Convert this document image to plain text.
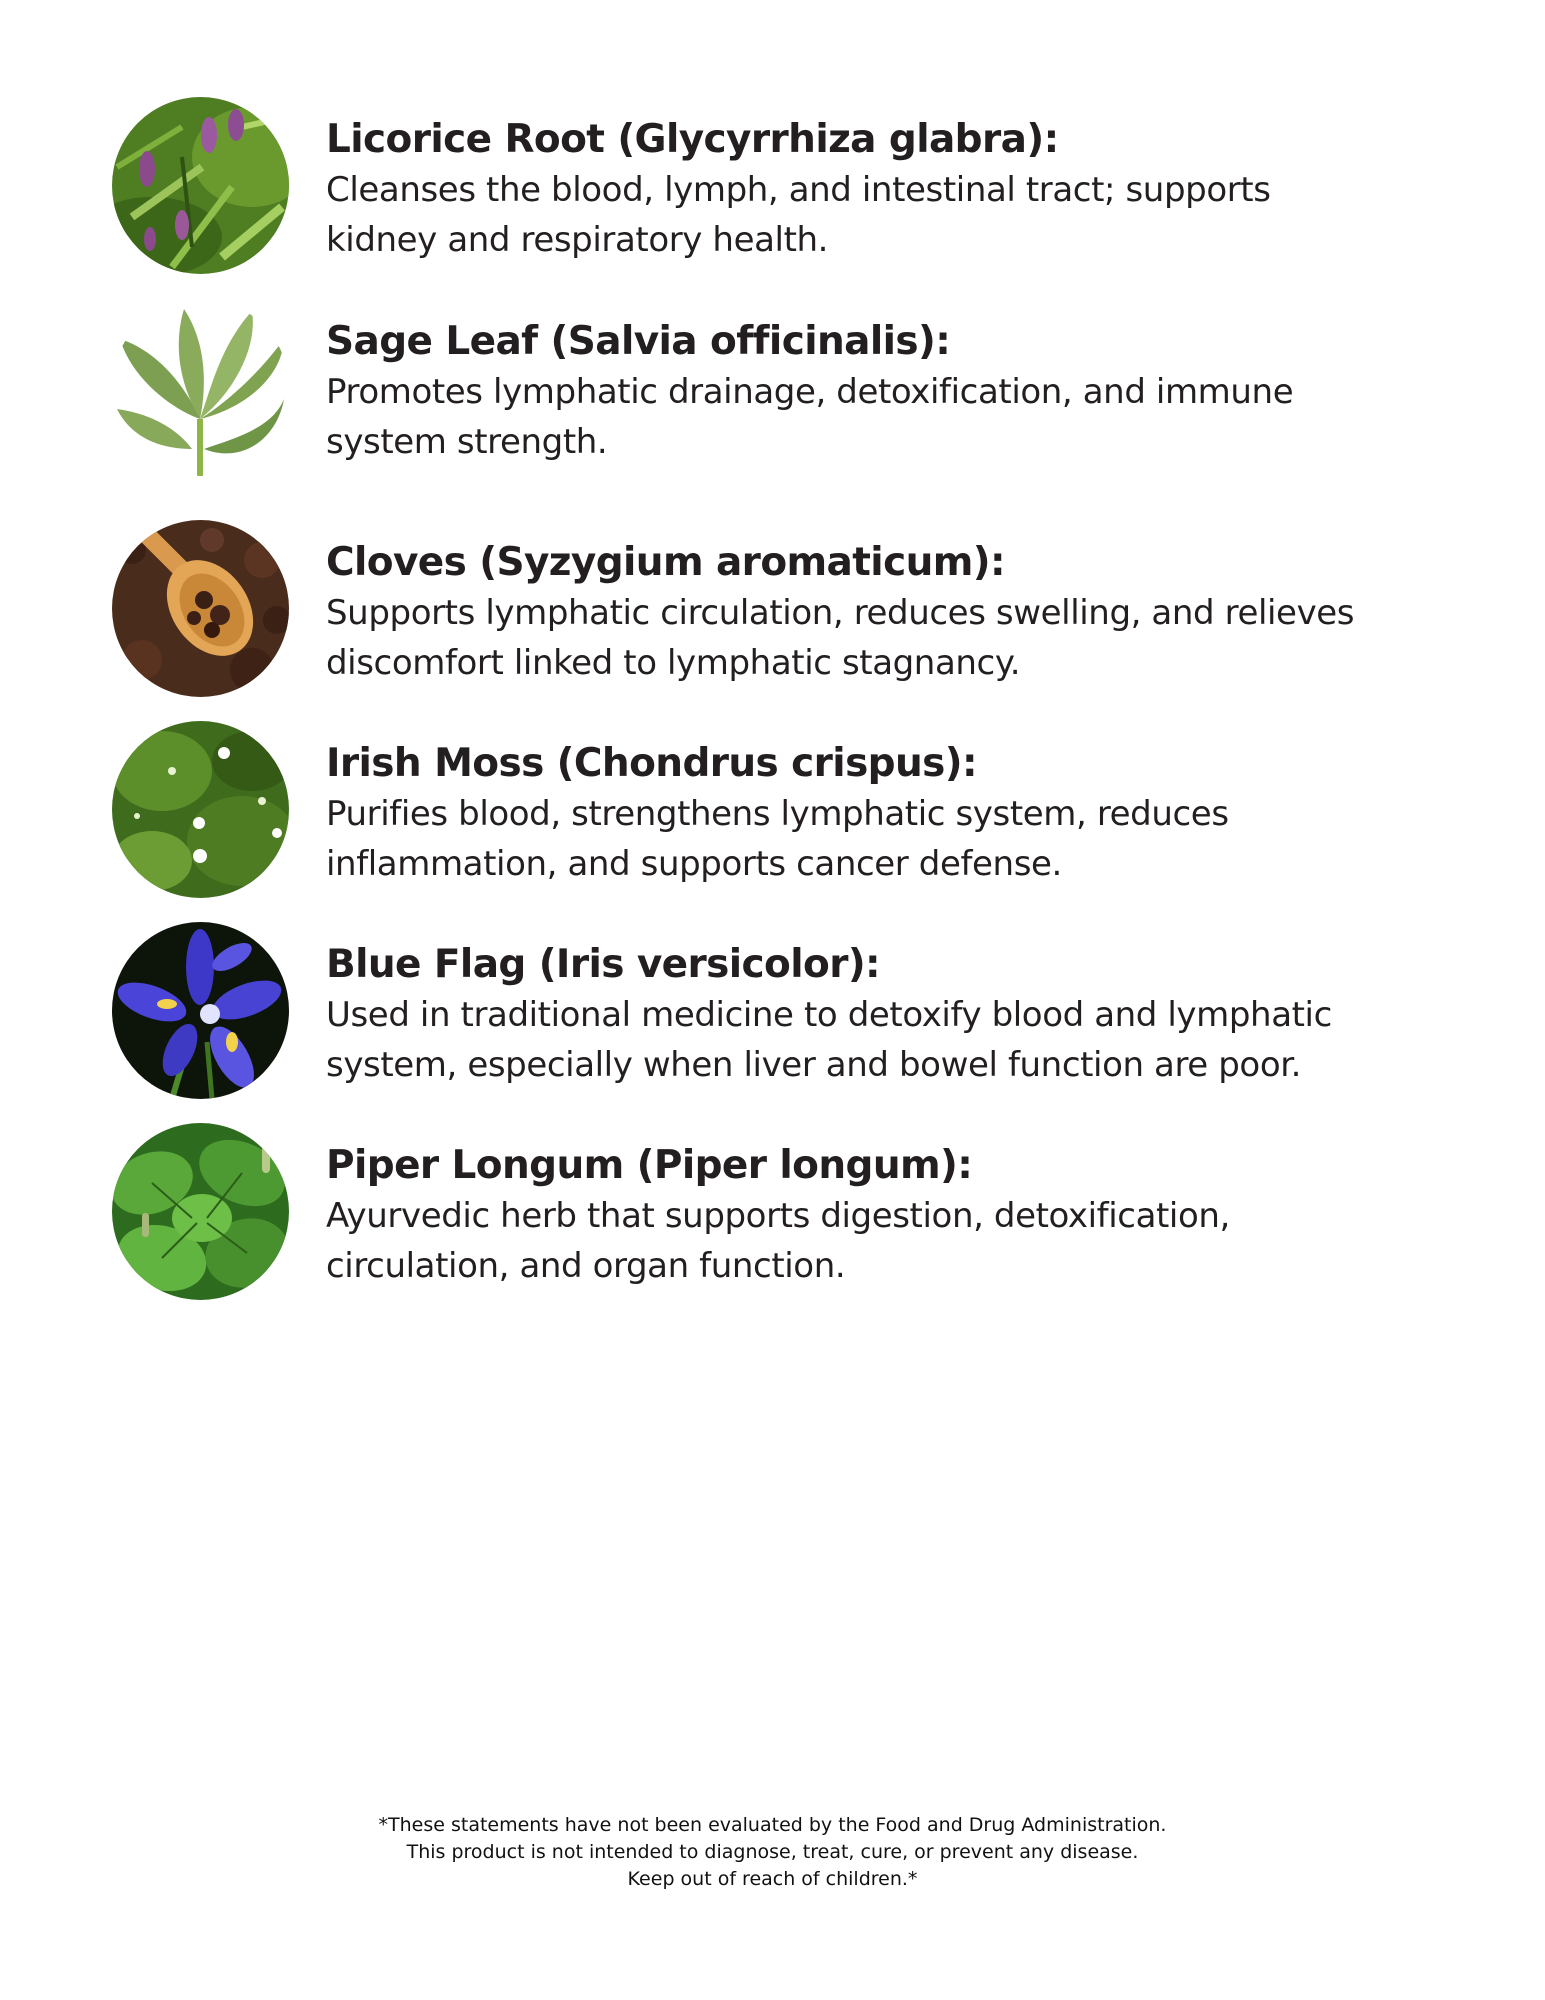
Licorice Root (Glycyrrhiza glabra):

Cleanses the blood, lymph, and intestinal tract; supports

kidney and respiratory health.

Sage Leaf (Salvia officinalis):

Promotes lymphatic drainage, detoxification, and immune

system strength.

Cloves (Syzygium aromaticum):

Supports lymphatic circulation, reduces swelling, and relieves

discomfort linked to lymphatic stagnancy.

Irish Moss (Chondrus crispus):

Purifies blood, strengthens lymphatic system, reduces

inflammation, and supports cancer defense.

Blue Flag (Iris versicolor):

Used in traditional medicine to detoxify blood and lymphatic

system, especially when liver and bowel function are poor.

Piper Longum (Piper longum):

Ayurvedic herb that supports digestion, detoxification,

circulation, and organ function.

*These statements have not been evaluated by the Food and Drug Administration.
This product is not intended to diagnose, treat, cure, or prevent any disease.
Keep out of reach of children.*
